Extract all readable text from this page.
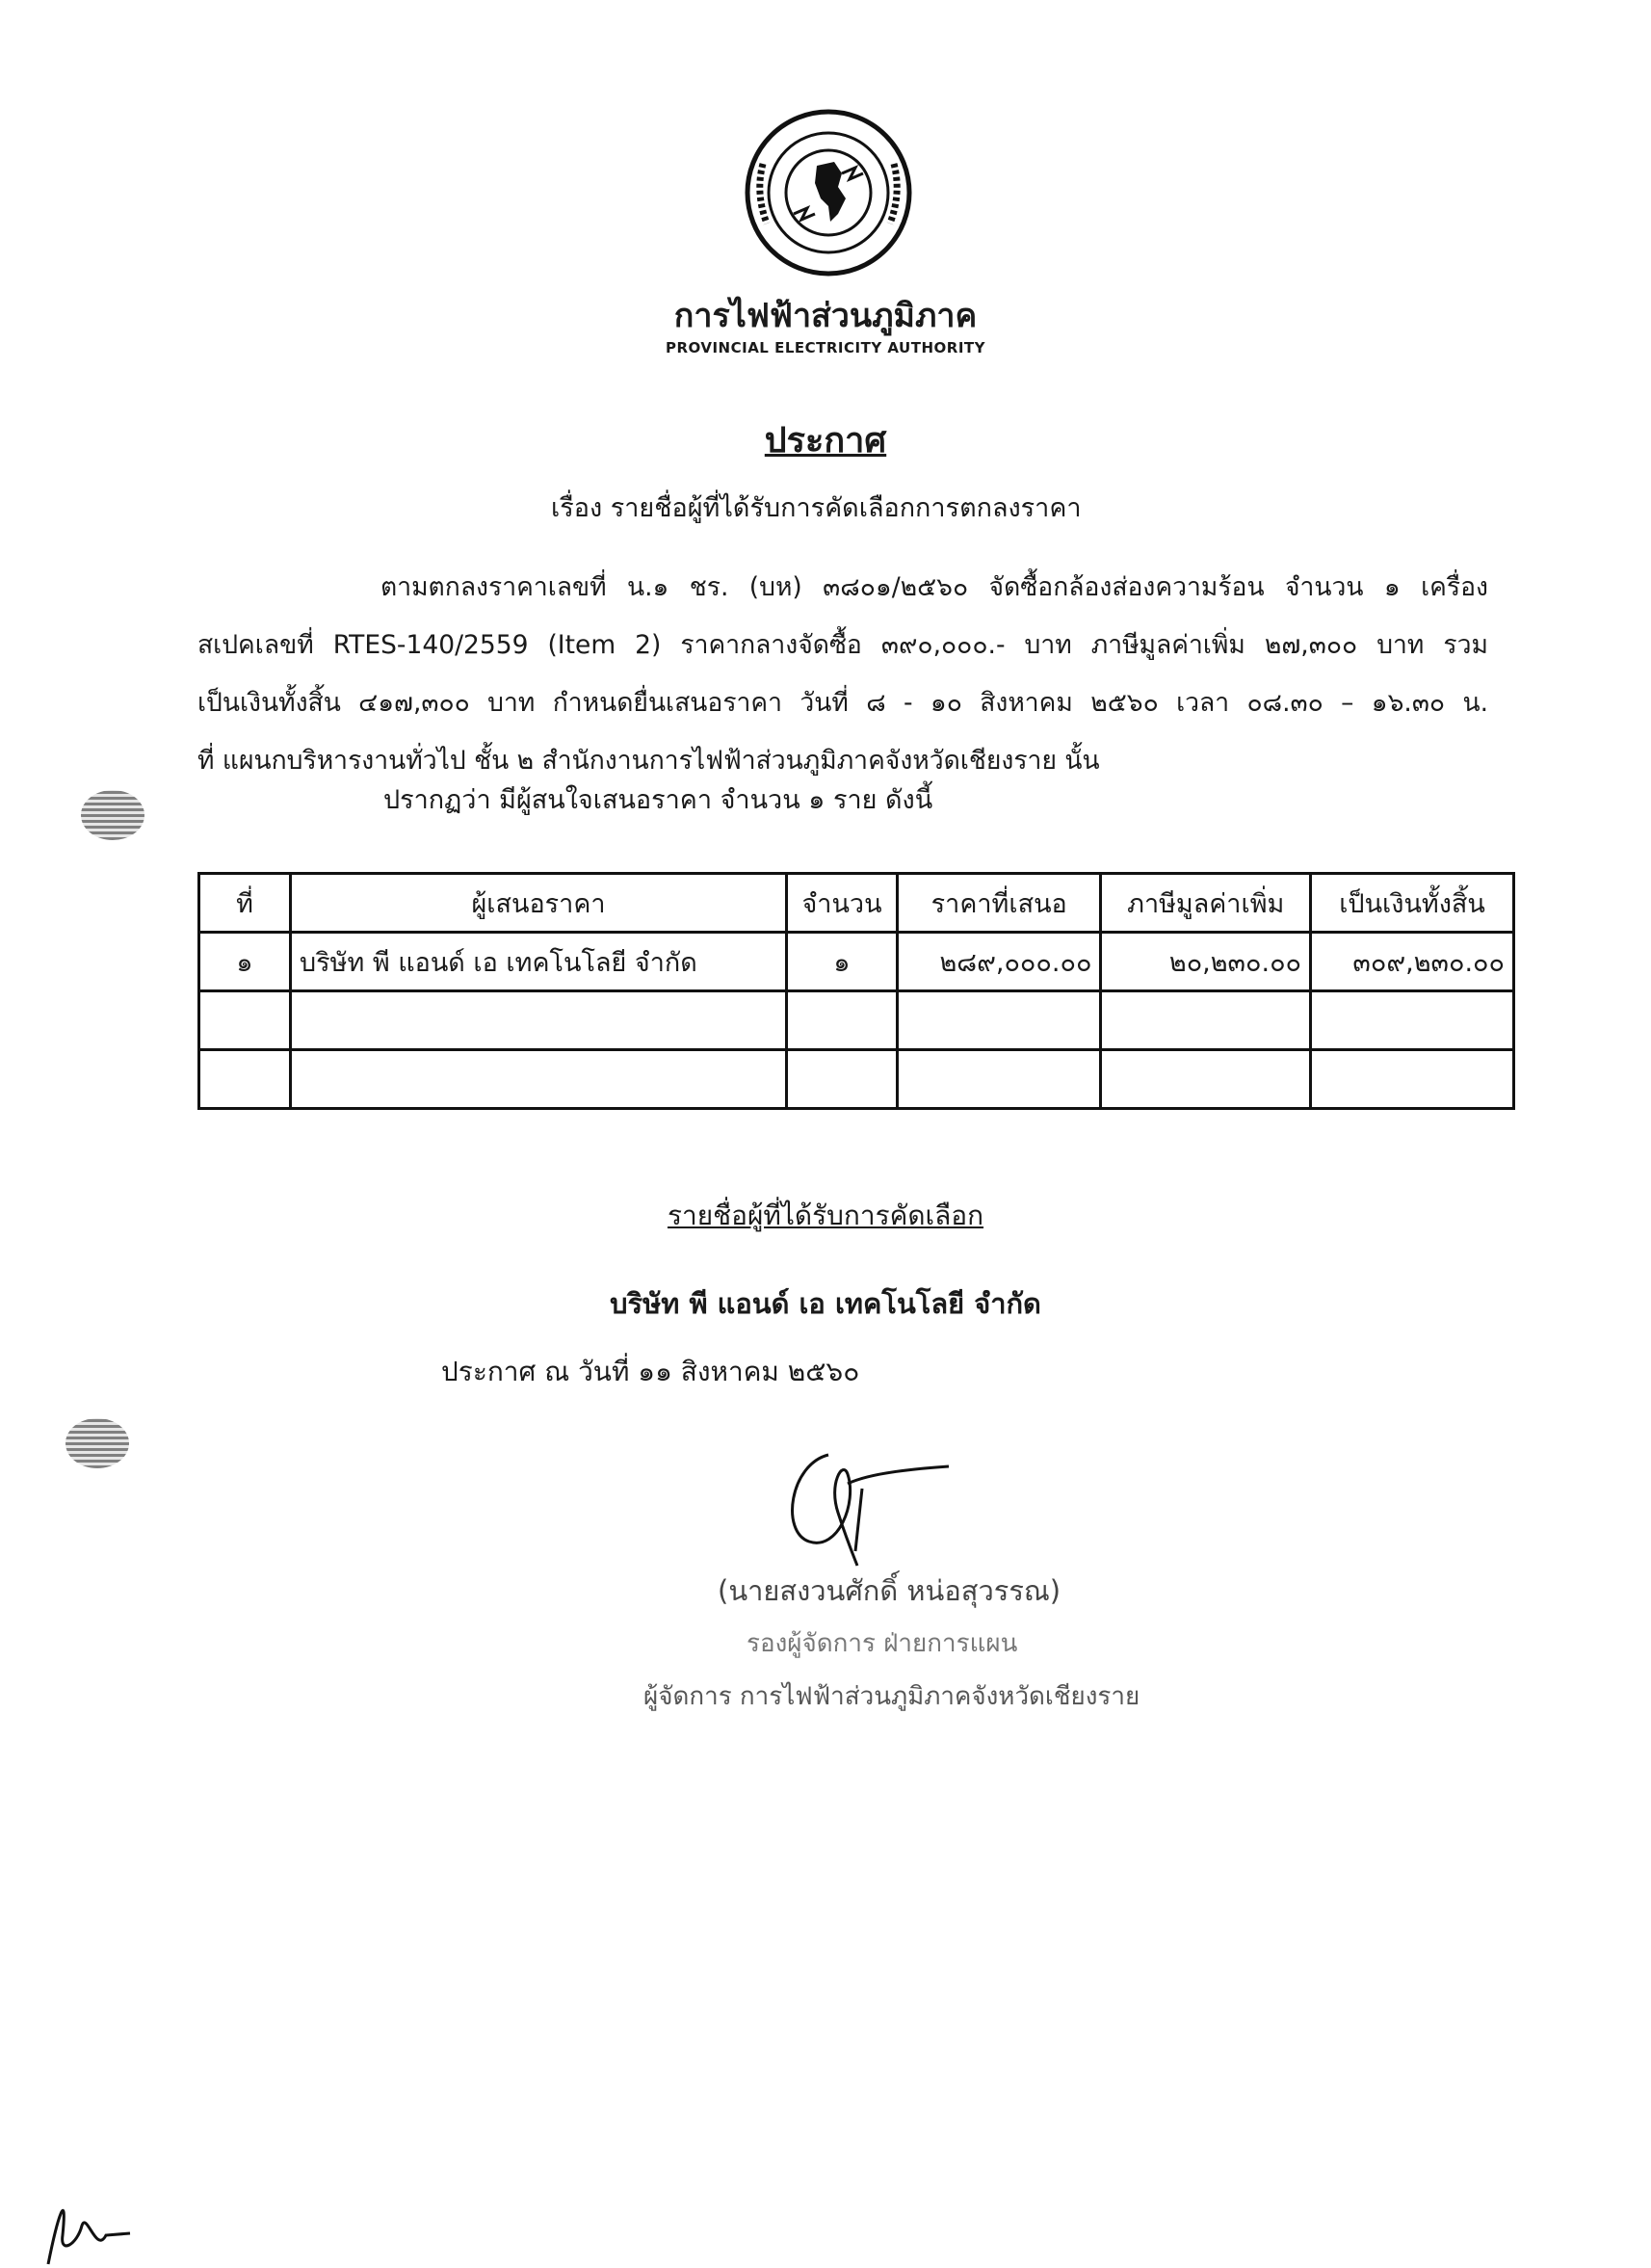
การไฟฟ้าส่วนภูมิภาค
PROVINCIAL ELECTRICITY AUTHORITY
ประกาศ
เรื่อง รายชื่อผู้ที่ได้รับการคัดเลือกการตกลงราคา
ตามตกลงราคาเลขที่ น.๑ ชร. (บห) ๓๘๐๑/๒๕๖๐ จัดซื้อกล้องส่องความร้อน จำนวน ๑ เครื่อง
สเปคเลขที่ RTES-140/2559 (Item 2) ราคากลางจัดซื้อ ๓๙๐,๐๐๐.- บาท ภาษีมูลค่าเพิ่ม ๒๗,๓๐๐ บาท รวม
เป็นเงินทั้งสิ้น ๔๑๗,๓๐๐ บาท กำหนดยื่นเสนอราคา วันที่ ๘ - ๑๐ สิงหาคม ๒๕๖๐ เวลา ๐๘.๓๐ – ๑๖.๓๐ น.
ที่ แผนกบริหารงานทั่วไป ชั้น ๒ สำนักงานการไฟฟ้าส่วนภูมิภาคจังหวัดเชียงราย นั้น
ปรากฏว่า มีผู้สนใจเสนอราคา จำนวน ๑ ราย ดังนี้
ที่	ผู้เสนอราคา	จำนวน	ราคาที่เสนอ	ภาษีมูลค่าเพิ่ม	เป็นเงินทั้งสิ้น
๑	บริษัท พี แอนด์ เอ เทคโนโลยี จำกัด	๑	๒๘๙,๐๐๐.๐๐	๒๐,๒๓๐.๐๐	๓๐๙,๒๓๐.๐๐

รายชื่อผู้ที่ได้รับการคัดเลือก
บริษัท พี แอนด์ เอ เทคโนโลยี จำกัด
ประกาศ ณ วันที่ ๑๑ สิงหาคม ๒๕๖๐
(นายสงวนศักดิ์ หน่อสุวรรณ)
รองผู้จัดการ ฝ่ายการแผน
ผู้จัดการ การไฟฟ้าส่วนภูมิภาคจังหวัดเชียงราย
